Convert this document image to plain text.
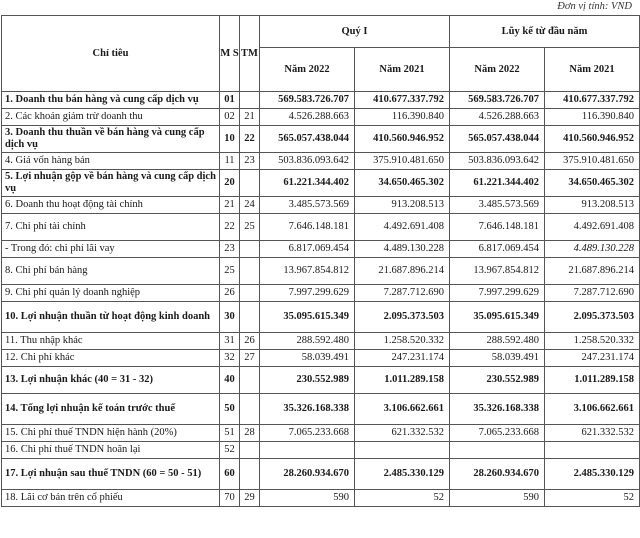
Đơn vị tính: VND
Chỉ tiêu	M S	TM	Quý I		Lũy kế từ đầu năm	
			Năm 2022	Năm 2021	Năm 2022	Năm 2021
1. Doanh thu bán hàng và cung cấp dịch vụ	01		569.583.726.707	410.677.337.792	569.583.726.707	410.677.337.792
2. Các khoản giảm trừ doanh thu	02	21	4.526.288.663	116.390.840	4.526.288.663	116.390.840
3. Doanh thu thuần về bán hàng và cung cấp dịch vụ	10	22	565.057.438.044	410.560.946.952	565.057.438.044	410.560.946.952
4. Giá vốn hàng bán	11	23	503.836.093.642	375.910.481.650	503.836.093.642	375.910.481.650
5. Lợi nhuận gộp về bán hàng và cung cấp dịch vụ	20		61.221.344.402	34.650.465.302	61.221.344.402	34.650.465.302
6. Doanh thu hoạt động tài chính	21	24	3.485.573.569	913.208.513	3.485.573.569	913.208.513
7. Chi phí tài chính	22	25	7.646.148.181	4.492.691.408	7.646.148.181	4.492.691.408
- Trong đó: chi phí lãi vay	23		6.817.069.454	4.489.130.228	6.817.069.454	4.489.130.228
8. Chi phí bán hàng	25		13.967.854.812	21.687.896.214	13.967.854.812	21.687.896.214
9. Chi phí quản lý doanh nghiệp	26		7.997.299.629	7.287.712.690	7.997.299.629	7.287.712.690
10. Lợi nhuận thuần từ hoạt động kinh doanh	30		35.095.615.349	2.095.373.503	35.095.615.349	2.095.373.503
11. Thu nhập khác	31	26	288.592.480	1.258.520.332	288.592.480	1.258.520.332
12. Chi phí khác	32	27	58.039.491	247.231.174	58.039.491	247.231.174
13. Lợi nhuận khác (40 = 31 - 32)	40		230.552.989	1.011.289.158	230.552.989	1.011.289.158
14. Tổng lợi nhuận kế toán trước thuế	50		35.326.168.338	3.106.662.661	35.326.168.338	3.106.662.661
15. Chi phí thuế TNDN hiện hành (20%)	51	28	7.065.233.668	621.332.532	7.065.233.668	621.332.532
16. Chi phí thuế TNDN hoãn lại	52					
17. Lợi nhuận sau thuế TNDN (60 = 50 - 51)	60		28.260.934.670	2.485.330.129	28.260.934.670	2.485.330.129
18. Lãi cơ bản trên cổ phiếu	70	29	590	52	590	52
